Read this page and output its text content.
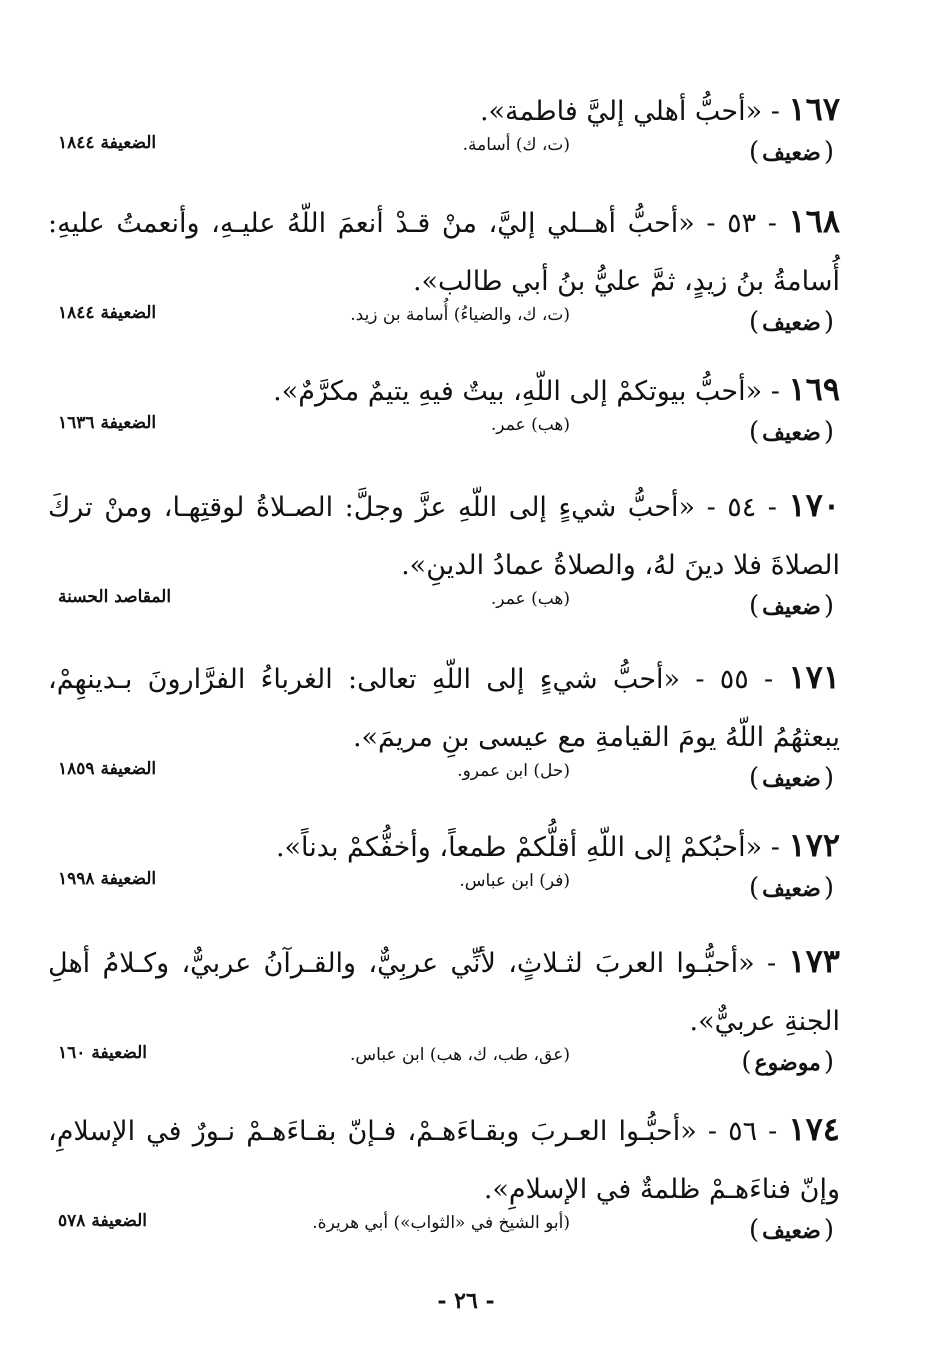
١٦٧ - «أحبُّ أهلي إليَّ فاطمة».

( ضعيف )
(ت، ك) أسامة.
الضعيفة ١٨٤٤

١٦٨ - ٥٣ - «أحبُّ أهــلي إليَّ، منْ قـدْ أنعمَ اللّهُ عليـهِ، وأنعمتُ عليهِ: أُسامةُ بنُ زيدٍ، ثمَّ عليُّ بنُ أبي طالب».

( ضعيف )
(ت، ك، والضياءُ) أُسامة بن زيد.
الضعيفة ١٨٤٤

١٦٩ - «أحبُّ بيوتكمْ إلى اللّهِ، بيتٌ فيهِ يتيمٌ مكرَّمٌ».

( ضعيف )
(هب) عمر.
الضعيفة ١٦٣٦

١٧٠ - ٥٤ - «أحبُّ شيءٍ إلى اللّهِ عزَّ وجلَّ: الصـلاةُ لوقتِهـا، ومنْ تركَ الصلاةَ فلا دينَ لهُ، والصلاةُ عمادُ الدينِ».

( ضعيف )
(هب) عمر.
المقاصد الحسنة

١٧١ - ٥٥ - «أحبُّ شيءٍ إلى اللّهِ تعالى: الغرباءُ الفرَّارونَ بـدينهِمْ، يبعثهُمُ اللّهُ يومَ القيامةِ مع عيسى بنِ مريمَ».

( ضعيف )
(حل) ابن عمرو.
الضعيفة ١٨٥٩

١٧٢ - «أحبُكمْ إلى اللّهِ أقلُّكمْ طمعاً، وأخفُّكمْ بدناً».

( ضعيف )
(فر) ابن عباس.
الضعيفة ١٩٩٨

١٧٣ - «أحبُّـوا العربَ لثـلاثٍ، لأنِّي عربِيٌّ، والقـرآنُ عربيٌّ، وكـلامُ أهلِ الجنةِ عربيٌّ».

( موضوع )
(عق، طب، ك، هب) ابن عباس.
الضعيفة ١٦٠

١٧٤ - ٥٦ - «أحبُّـوا العـربَ وبقـاءَهـمْ، فـإنّ بقـاءَهـمْ نـورٌ في الإسلامِ، وإنّ فناءَهـمْ ظلمةٌ في الإسلامِ».

( ضعيف )
(أبو الشيخ في «الثواب») أبي هريرة.
الضعيفة ٥٧٨
- ٢٦ -
